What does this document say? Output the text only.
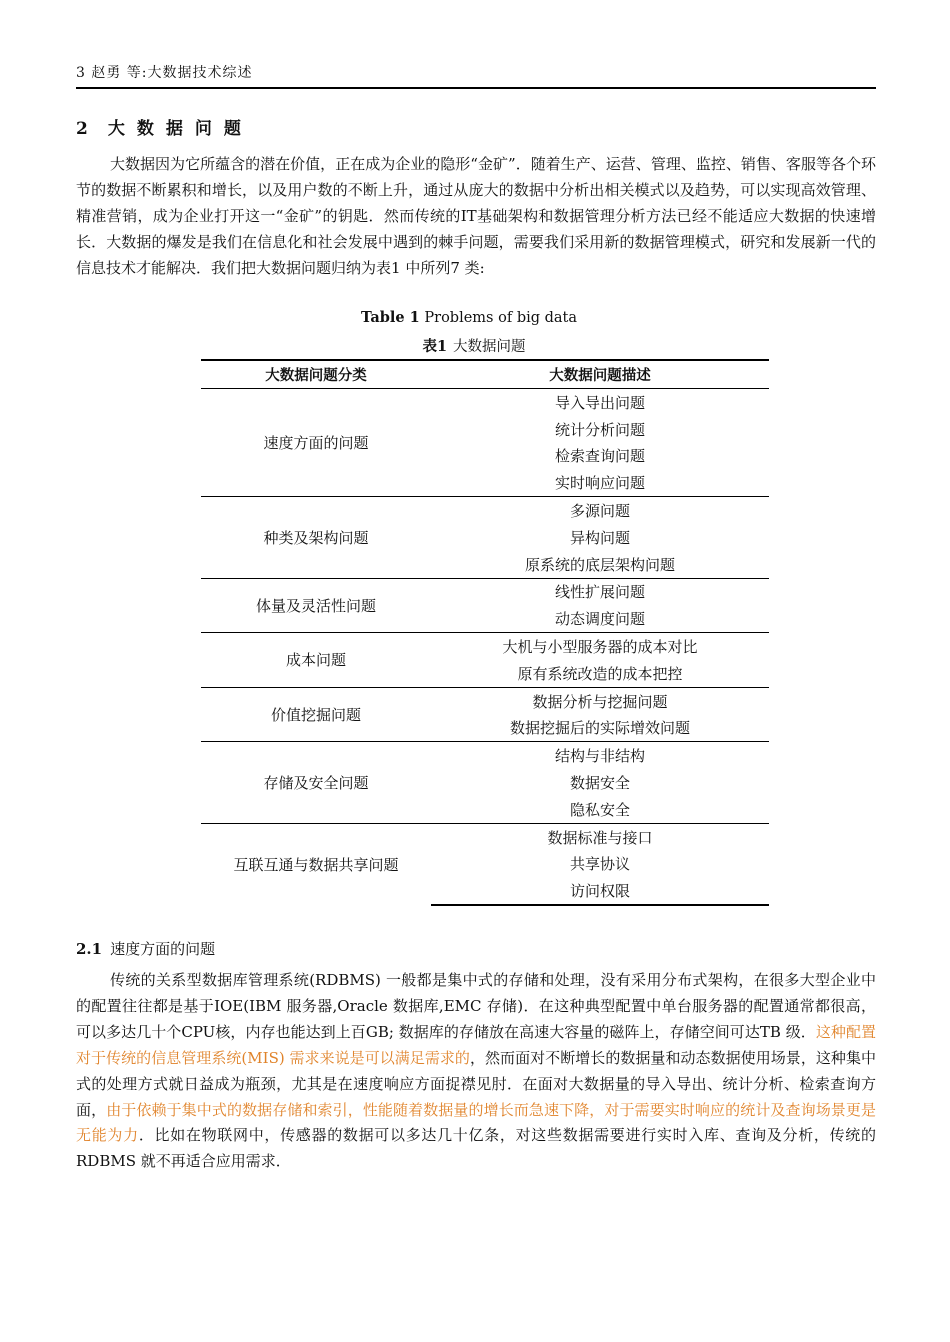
3 赵勇 等:大数据技术综述
2 大数据问题

大数据因为它所蕴含的潜在价值，正在成为企业的隐形“金矿”．随着生产、运营、管理、监控、销售、客服等各个环节的数据不断累积和增长，以及用户数的不断上升，通过从庞大的数据中分析出相关模式以及趋势，可以实现高效管理、精准营销，成为企业打开这一“金矿”的钥匙．然而传统的IT基础架构和数据管理分析方法已经不能适应大数据的快速增长．大数据的爆发是我们在信息化和社会发展中遇到的棘手问题，需要我们采用新的数据管理模式，研究和发展新一代的信息技术才能解决．我们把大数据问题归纳为表1 中所列7 类:

Table 1 Problems of big data
表1 大数据问题
大数据问题分类	大数据问题描述
速度方面的问题	导入导出问题
	统计分析问题
	检索查询问题
	实时响应问题
种类及架构问题	多源问题
	异构问题
	原系统的底层架构问题
体量及灵活性问题	线性扩展问题
	动态调度问题
成本问题	大机与小型服务器的成本对比
	原有系统改造的成本把控
价值挖掘问题	数据分析与挖掘问题
	数据挖掘后的实际增效问题
存储及安全问题	结构与非结构
	数据安全
	隐私安全
互联互通与数据共享问题	数据标准与接口
	共享协议
	访问权限
2.1 速度方面的问题

传统的关系型数据库管理系统(RDBMS) 一般都是集中式的存储和处理，没有采用分布式架构，在很多大型企业中的配置往往都是基于IOE(IBM 服务器,Oracle 数据库,EMC 存储)．在这种典型配置中单台服务器的配置通常都很高，可以多达几十个CPU核，内存也能达到上百GB; 数据库的存储放在高速大容量的磁阵上，存储空间可达TB 级．这种配置对于传统的信息管理系统(MIS) 需求来说是可以满足需求的，然而面对不断增长的数据量和动态数据使用场景，这种集中式的处理方式就日益成为瓶颈，尤其是在速度响应方面捉襟见肘．在面对大数据量的导入导出、统计分析、检索查询方面，由于依赖于集中式的数据存储和索引，性能随着数据量的增长而急速下降，对于需要实时响应的统计及查询场景更是无能为力．比如在物联网中，传感器的数据可以多达几十亿条，对这些数据需要进行实时入库、查询及分析，传统的RDBMS 就不再适合应用需求．
